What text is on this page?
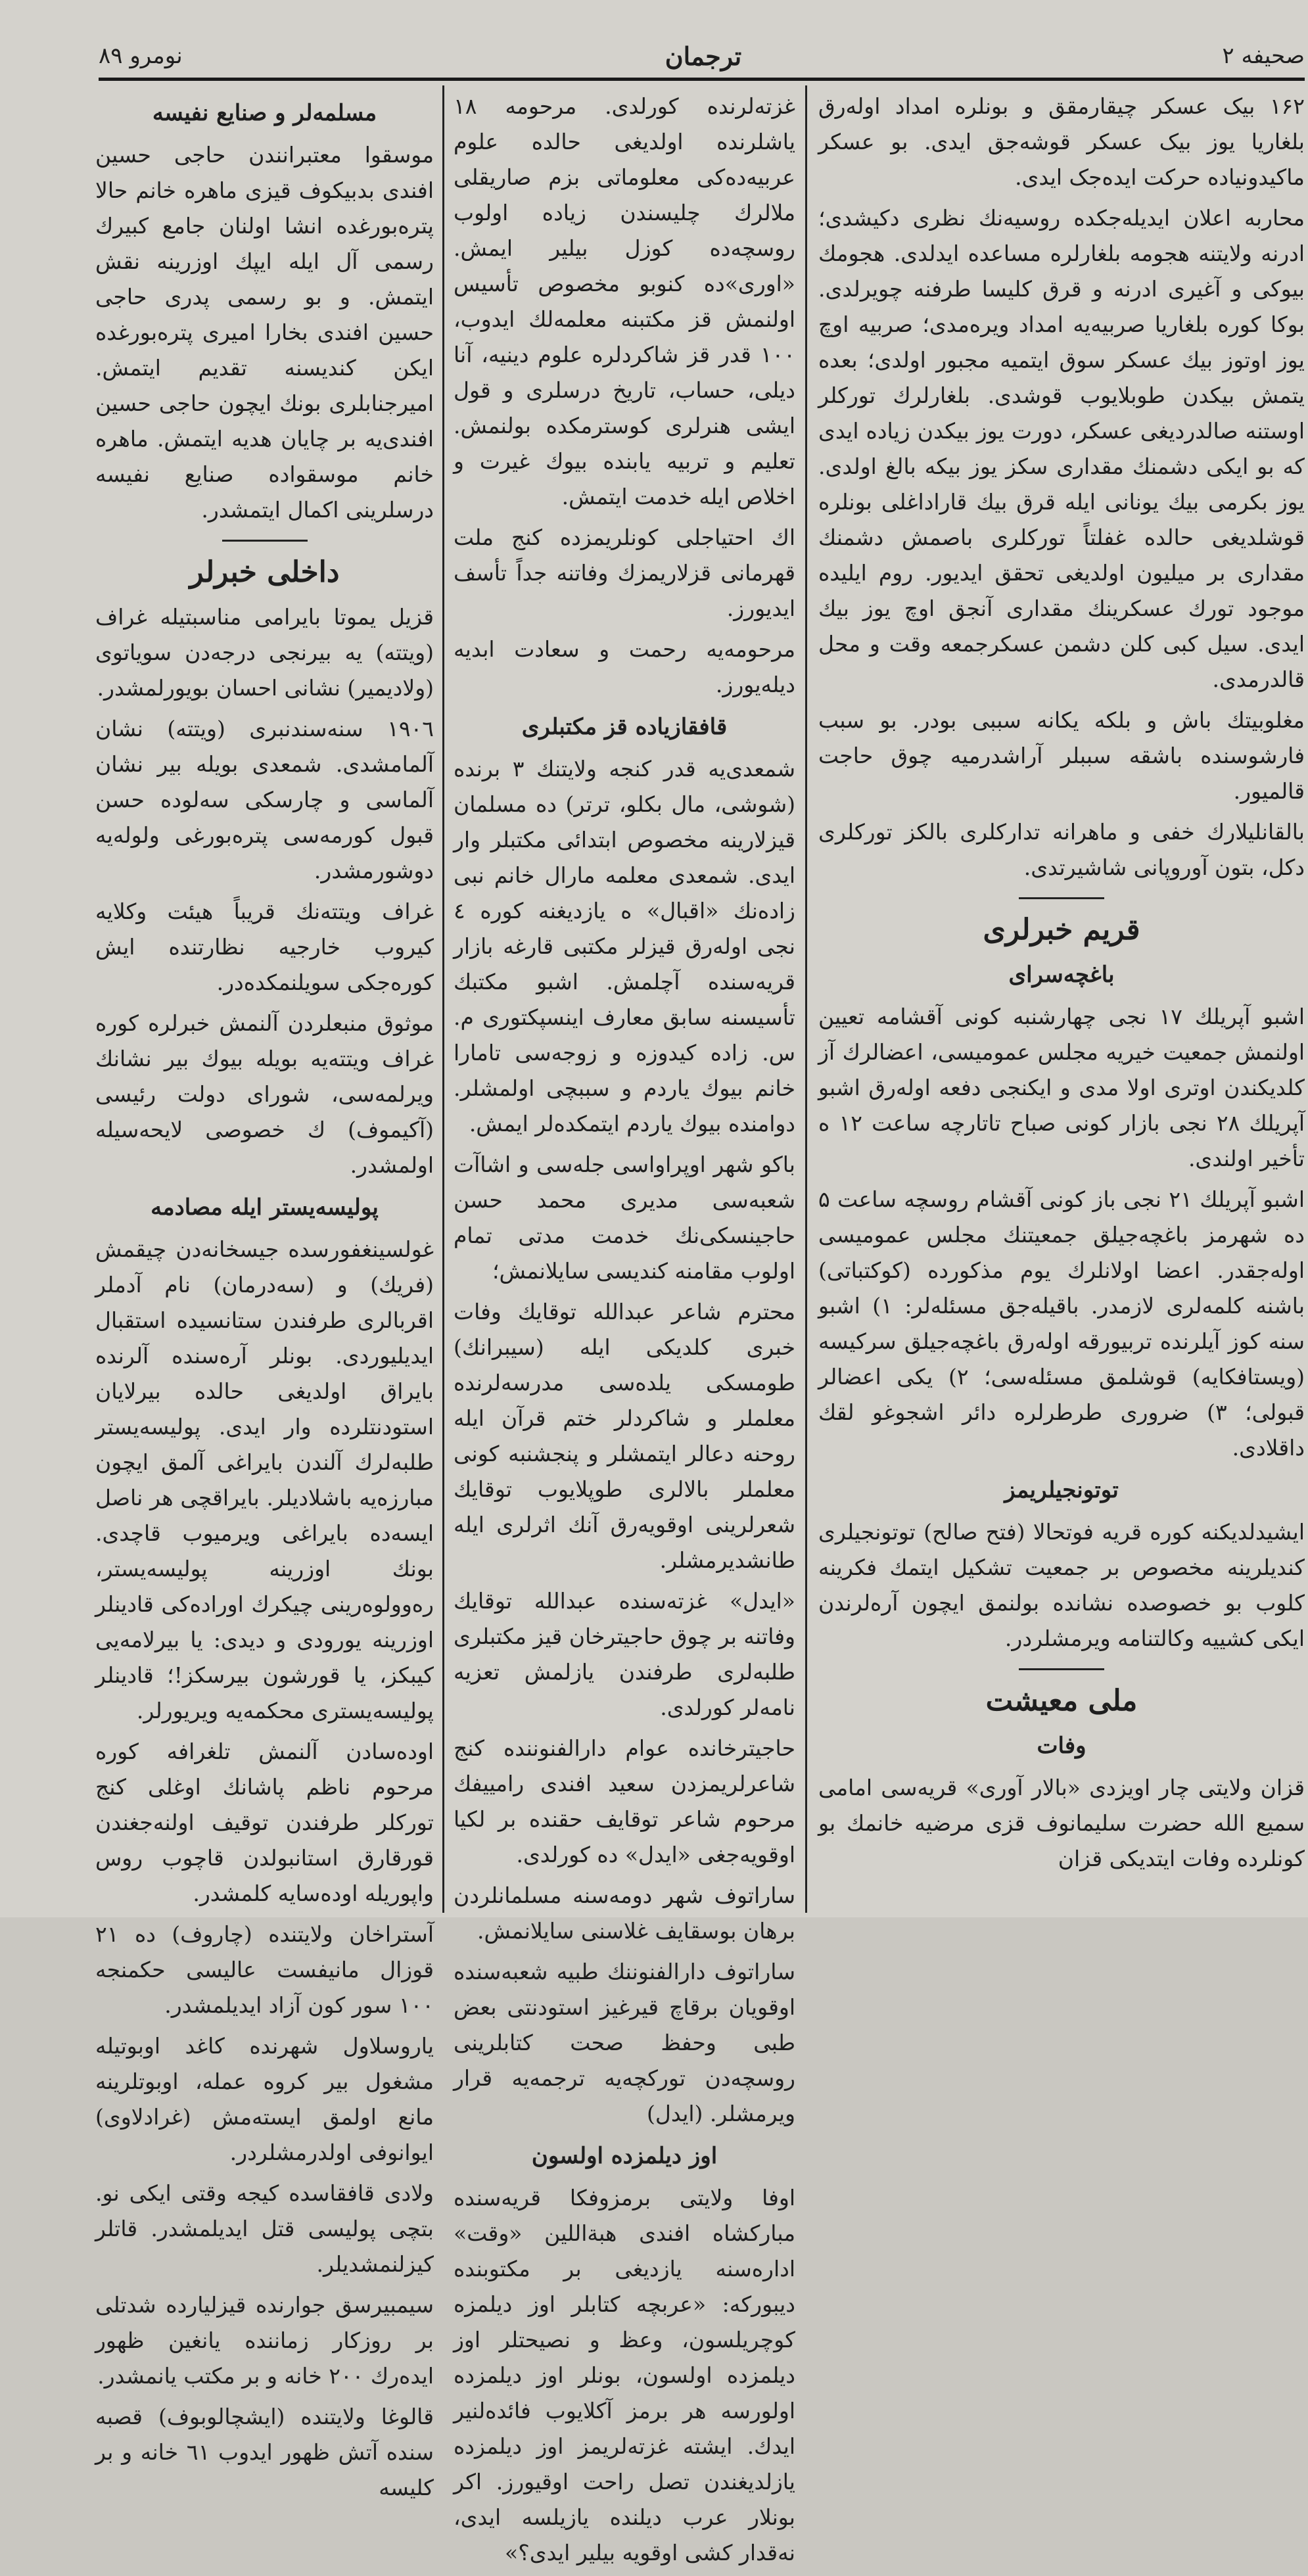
صحیفه ۲
ترجمان
نومرو ۸۹

۱۶۲ بیک عسکر چیقارمقق و بونلره امداد اولەرق بلغاریا یوز بیک عسکر قوشەجق ایدی. بو عسکر ماکیدونیاده حرکت ایدەجک ایدی.

محاربە اعلان ایدیلەجکده روسیەنك نظری دکیشدی؛ ادرنە ولایتنە هجومه بلغارلره مساعده ایدلدی. هجومك بیوکی و آغیری ادرنە و قرق کلیسا طرفنە چویرلدی. بوکا کوره بلغاریا صربیەیه امداد ویرەمدی؛ صربیه اوچ یوز اوتوز بیك عسکر سوق ایتمیه مجبور اولدی؛ بعده یتمش بیکدن طوبلایوب قوشدی. بلغارلرك تورکلر اوستنە صالدردیغی عسکر، دورت یوز بیکدن زیاده ایدی که بو ایکی دشمنك مقداری سکز یوز بیکه بالغ اولدی. یوز بکرمی بیك یونانی ایله قرق بیك قاراداغلی بونلره قوشلدیغی حالده غفلتاً تورکلری باصمش دشمنك مقداری بر میلیون اولدیغی تحقق ایدیور. روم ایلیده موجود تورك عسکرینك مقداری آنجق اوچ یوز بیك ایدی. سیل کبی کلن دشمن عسکرجمعه وقت و محل قالدرمدی.

مغلوبیتك باش و بلکه یکانه سببی بودر. بو سبب فارشوسنده باشقه سببلر آراشدرمیه چوق حاجت قالمیور.

بالقانلیلارك خفی و ماهرانه تدارکلری بالکز تورکلری دکل، بتون آوروپانی شاشیرتدی.

قریم خبرلری
باغچەسرای

اشبو آپریلك ۱۷ نجی چهارشنبە کونی آقشامه تعیین اولنمش جمعیت خیریه مجلس عمومیسی، اعضالرك آز کلدیکندن اوتری اولا مدی و ایکنجی دفعه اولەرق اشبو آپریلك ۲۸ نجی بازار کونی صباح تاتارچه ساعت ۱۲ ه تأخیر اولندی.

اشبو آپریلك ۲۱ نجی باز کونی آقشام روسچه ساعت ۵ ده شهرمز باغچەجیلق جمعیتنك مجلس عمومیسی اولەجقدر. اعضا اولانلرك یوم مذکورده (کوکتباتی) باشنه کلمەلری لازمدر. باقیلەجق مسئلەلر: ۱) اشبو سنه کوز آیلرنده تربیورقه اولەرق باغچەجیلق سرکیسه (ویستافکایه) قوشلمق مسئلەسی؛ ۲) یکی اعضالر قبولی؛ ۳) ضروری طرطرلره دائر اشجوغو لقك داقلادی.

توتونجیلریمز

ایشیدلدیکنه کوره قریه فوتحالا (فتح صالح) توتونجیلری کندیلرینه مخصوص بر جمعیت تشکیل ایتمك فکرینه کلوب بو خصوصده نشانده بولنمق ایچون آرەلرندن ایکی کشییه وکالتنامه ویرمشلردر.

ملی معیشت
وفات

قزان ولایتی چار اویزدی «بالار آوری» قریەسی امامی سمیع الله حضرت سلیمانوف قزی مرضیه خانمك بو کونلرده وفات ایتدیکی قزان

غزتەلرنده کورلدی. مرحومه ۱۸ یاشلرنده اولدیغی حالده علوم عربیەده‌کی معلوماتی بزم صاریقلی ملالرك چلیسندن زیاده اولوب روسچەده کوزل بیلیر ایمش. «اوری»ده کنوبو مخصوص تأسیس اولنمش قز مکتبنه معلمەلك ایدوب، ۱۰۰ قدر قز شاکردلره علوم دینیه، آنا دیلی، حساب، تاریخ درسلری و قول ایشی هنرلری کوسترمکده بولنمش. تعلیم و تربیه یابنده بیوك غیرت و اخلاص ایله خدمت ایتمش.

اك احتیاجلی کونلریمزده کنج ملت قهرمانی قزلاریمزك وفاتنه جداً تأسف ایدیورز.

مرحومەیه رحمت و سعادت ابدیه دیلەیورز.

قافقازیاده قز مکتبلری

شمعدی‌یه قدر کنجه ولایتنك ۳ برنده (شوشی، مال بکلو، ترتر) ده مسلمان قیزلارینه مخصوص ابتدائی مکتبلر وار ایدی. شمعدی معلمه مارال خانم نبی زادەنك «اقبال» ه یازدیغنه کوره ٤ نجی اولەرق قیزلر مکتبی قارغه بازار قریەسنده آچلمش. اشبو مکتبك تأسیسنه سابق معارف اینسپکتوری م. س. زاده کیدوزه و زوجەسی تامارا خانم بیوك یاردم و سببچی اولمشلر. دوامنده بیوك یاردم ایتمکده‌لر ایمش.

باکو شهر اوپراواسی جلەسی و اشاآت شعبەسی مدیری محمد حسن حاجینسکی‌نك خدمت مدتی تمام اولوب مقامنه کندیسی سایلانمش؛

محترم شاعر عبدالله توقایك وفات خبری کلدیکی ایله (سیبرانك) طومسکی یلدەسی مدرسەلرنده معلملر و شاکردلر ختم قرآن ایله روحنه دعالر ایتمشلر و پنجشنبه کونی معلملر بالالری طوپلایوب توقایك شعرلرینی اوقویه‌رق آنك اثرلری ایله طانشدیرمشلر.

«ایدل» غزتەسنده عبدالله توقایك وفاتنه بر چوق حاجیترخان قیز مکتبلری طلبەلری طرفندن یازلمش تعزیه نامەلر کورلدی.

حاجیترخانده عوام دارالفنوننده کنج شاعرلریمزدن سعید افندی رامییفك مرحوم شاعر توقایف حقنده بر لکیا اوقویه‌جغی «ایدل» ده کورلدی.

ساراتوف شهر دومەسنه مسلمانلردن برهان بوسقایف غلاسنی سایلانمش.

ساراتوف دارالفنوننك طبیه شعبەسنده اوقویان برقاچ قیرغیز استودنتی بعض طبی وحفظ صحت کتابلرینی روسچەدن تورکچەیه ترجمه‌یه قرار ویرمشلر. (ایدل)

اوز دیلمزده اولسون

اوفا ولایتی برمزوفکا قریەسنده مبارکشاه افندی هبةاللین «وقت» ادارەسنه یازدیغی بر مکتوبنده دیبورکه: «عربچه کتابلر اوز دیلمزه کوچریلسون، وعظ و نصیحتلر اوز دیلمزده اولسون، بونلر اوز دیلمزده اولورسه هر برمز آکلایوب فائدەلنیر ایدك. ایشته غزتەلریمز اوز دیلمزده یازلدیغندن تصل راحت اوقیورز. اکر بونلار عرب دیلنده یازیلسه ایدی، نەقدار کشی اوقویه بیلیر ایدی؟»

مسلمەلر و صنایع نفیسه

موسقوا معتبرانندن حاجی حسین افندی بدبیکوف قیزی ماهره خانم حالا پترەبورغده انشا اولنان جامع کبیرك رسمی آل ایله ایپك اوزرینه نقش ایتمش. و بو رسمی پدری حاجی حسین افندی بخارا امیری پترەبورغده ایکن کندیسنه تقدیم ایتمش. امیرجنابلری بونك ایچون حاجی حسین افندی‌یه بر چایان هدیه ایتمش. ماهره خانم موسقواده صنایع نفیسه درسلرینی اکمال ایتمشدر.

داخلی خبرلر

قزیل یموتا بایرامی مناسبتیله غراف (ویتته) یه بیرنجی درجەدن سویاتوی (ولادیمیر) نشانی احسان بویورلمشدر.

۱۹۰٦ سنەسندنبری (ویتته) نشان آلمامشدی. شمعدی بویله بیر نشان آلماسی و چارسکی سەلوده حسن قبول کورمەسی پترەبورغی ولولەیه دوشورمشدر.

غراف ویتتەنك قریباً هیئت وکلایه کیروب خارجیه نظارتنده ایش کورەجکی سویلنمکدەدر.

موثوق منبعلردن آلنمش خبرلره کوره غراف ویتته‌یه بویله بیوك بیر نشانك ویرلمەسی، شورای دولت رئیسی (آکیموف) ك خصوصی لایحەسیله اولمشدر.

پولیسەیستر ایله مصادمه

غولسینغفورسده جیسخانەدن چیقمش (فریك) و (سەدرمان) نام آدملر اقربالری طرفندن ستانسیده استقبال ایدیلیوردی. بونلر آرەسنده آلرنده بایراق اولدیغی حالده بیرلایان استودنتلرده وار ایدی. پولیسەیستر طلبەلرك آلندن بایراغی آلمق ایچون مبارزەیه باشلادیلر. بایراقچی هر ناصل ایسەده بایراغی ویرمیوب قاچدی. بونك اوزرینه پولیسەیستر، رەوولوەرینی چیکرك اوراده‌کی قادینلر اوزرینه یورودی و دیدی: یا بیرلامەیی کیبکز، یا قورشون بیرسکز!؛ قادینلر پولیسەیستری محکمه‌یه ویریورلر.

اودەسادن آلنمش تلغرافه کوره مرحوم ناظم پاشانك اوغلی کنج تورکلر طرفندن توقیف اولنەجغندن قورقارق استانبولدن قاچوب روس واپوریله اودەسایه کلمشدر.

آستراخان ولایتنده (چاروف) ده ۲۱ قوزال مانیفست عالیسی حکمنجه ۱۰۰ سور کون آزاد ایدیلمشدر.

یاروسلاول شهرنده کاغد اوبوتیله مشغول بیر کروه عمله، اوبوتلرینه مانع اولمق ایستەمش (غرادلاوی) ایوانوفی اولدرمشلردر.

ولادی قافقاسده کیجه وقتی ایکی نو. بتچی پولیسی قتل ایدیلمشدر. قاتلر کیزلنمشدیلر.

سیمبیرسق جوارنده قیزلیارده شدتلی بر روزکار زماننده یانغین ظهور ایدەرك ۲۰۰ خانه و بر مکتب یانمشدر.

قالوغا ولایتنده (ایشچالوبوف) قصبه سنده آتش ظهور ایدوب ٦۱ خانه و بر کلیسه
